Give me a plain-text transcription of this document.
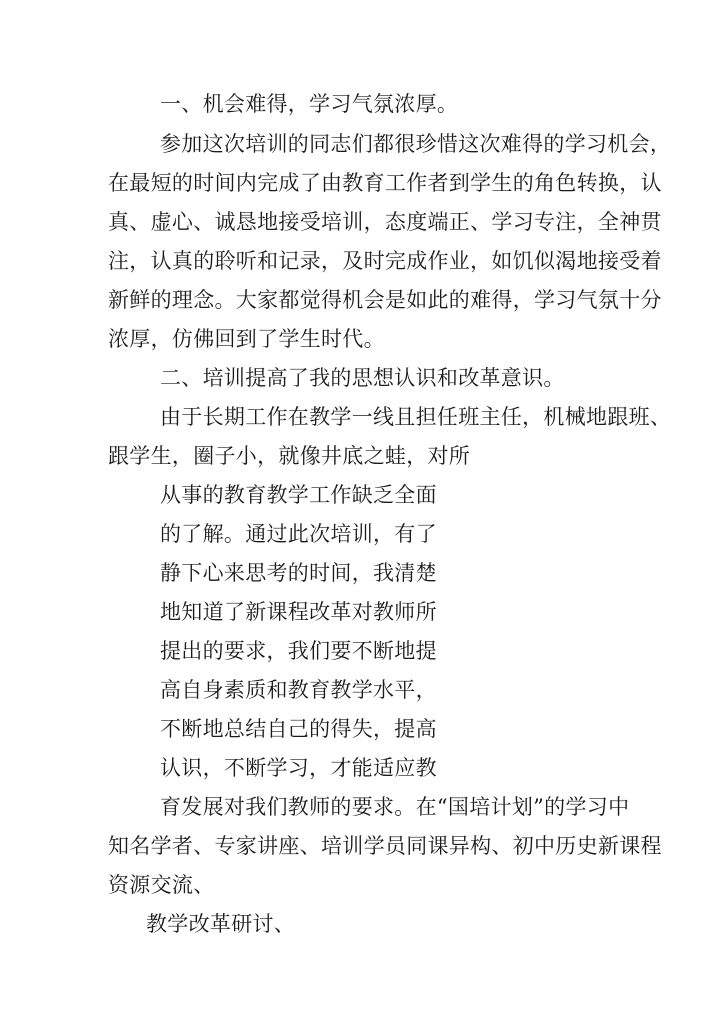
一、机会难得，学习气氛浓厚。
参加这次培训的同志们都很珍惜这次难得的学习机会，
在最短的时间内完成了由教育工作者到学生的角色转换，认
真、虚心、诚恳地接受培训，态度端正、学习专注，全神贯
注，认真的聆听和记录，及时完成作业，如饥似渴地接受着
新鲜的理念。大家都觉得机会是如此的难得，学习气氛十分
浓厚，仿佛回到了学生时代。
二、培训提高了我的思想认识和改革意识。
由于长期工作在教学一线且担任班主任，机械地跟班、
跟学生，圈子小，就像井底之蛙，对所
从事的教育教学工作缺乏全面
的了解。通过此次培训，有了
静下心来思考的时间，我清楚
地知道了新课程改革对教师所
提出的要求，我们要不断地提
高自身素质和教育教学水平，
不断地总结自己的得失，提高
认识，不断学习，才能适应教
育发展对我们教师的要求。在“国培计划”的学习中
知名学者、专家讲座、培训学员同课异构、初中历史新课程
资源交流、
教学改革研讨、
